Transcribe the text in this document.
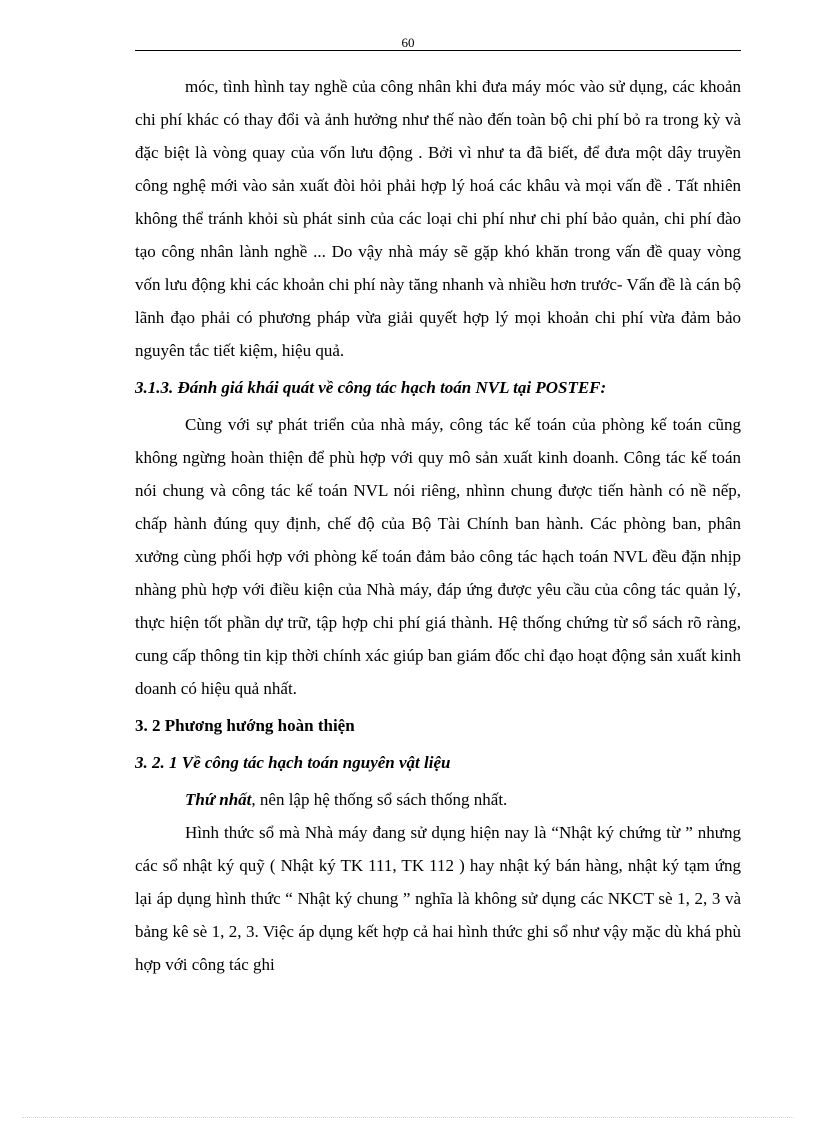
60

móc, tình hình tay nghề của công nhân khi đưa máy móc vào sử dụng, các khoản chi phí khác có thay đổi và ảnh hưởng như thế nào đến toàn bộ chi phí bỏ ra trong kỳ và đặc biệt là vòng quay của vốn lưu động . Bởi vì như ta đã biết, để đưa một dây truyền công nghệ mới vào sản xuất đòi hỏi phải hợp lý hoá các khâu và mọi vấn đề . Tất nhiên không thể tránh khỏi sù phát sinh của các loại chi phí như chi phí bảo quản, chi phí đào tạo công nhân lành nghề ... Do vậy nhà máy sẽ gặp khó khăn trong vấn đề quay vòng vốn lưu động khi các khoản chi phí này tăng nhanh và nhiều hơn trước- Vấn đề là cán bộ lãnh đạo phải có phương pháp vừa giải quyết hợp lý mọi khoản chi phí vừa đảm bảo nguyên tắc tiết kiệm, hiệu quả.

3.1.3. Đánh giá khái quát về công tác hạch toán NVL tại POSTEF:

Cùng với sự phát triển của nhà máy, công tác kế toán của phòng kế toán cũng không ngừng hoàn thiện để phù hợp với quy mô sản xuất kinh doanh. Công tác kế toán nói chung và công tác kế toán NVL nói riêng, nhìnn chung được tiến hành có nề nếp, chấp hành đúng quy định, chế độ của Bộ Tài Chính ban hành. Các phòng ban, phân xưởng cùng phối hợp với phòng kế toán đảm bảo công tác hạch toán NVL đều đặn nhịp nhàng phù hợp với điều kiện của Nhà máy, đáp ứng được yêu cầu của công tác quản lý, thực hiện tốt phần dự trữ, tập hợp chi phí giá thành. Hệ thống chứng từ sổ sách rõ ràng, cung cấp thông tin kịp thời chính xác giúp ban giám đốc chỉ đạo hoạt động sản xuất kinh doanh có hiệu quả nhất.

3. 2 Phương hướng hoàn thiện

3. 2. 1 Về công tác hạch toán nguyên vật liệu

Thứ nhất, nên lập hệ thống sổ sách thống nhất.

Hình thức sổ mà Nhà máy đang sử dụng hiện nay là “Nhật ký chứng từ ” nhưng các sổ nhật ký quỹ ( Nhật ký TK 111, TK 112 ) hay nhật ký bán hàng, nhật ký tạm ứng lại áp dụng hình thức “ Nhật ký chung ” nghĩa là không sử dụng các NKCT sè 1, 2, 3 và bảng kê sè 1, 2, 3. Việc áp dụng kết hợp cả hai hình thức ghi sổ như vậy mặc dù khá phù hợp với công tác ghi
